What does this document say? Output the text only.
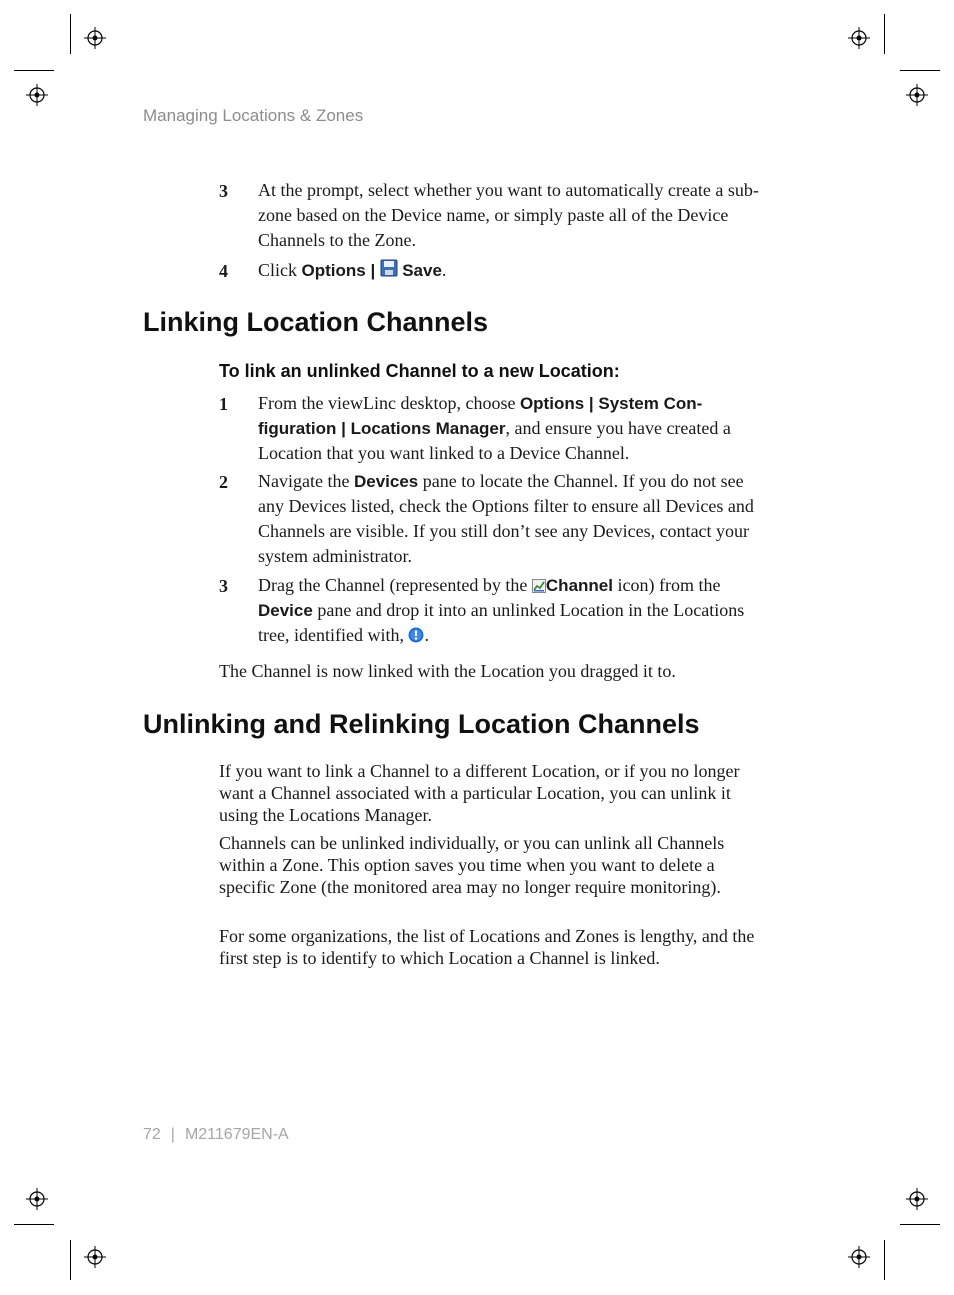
Managing Locations & Zones
3	At the prompt, select whether you want to automatically create a sub-zone based on the Device name, or simply paste all of the Device Channels to the Zone.
4	Click Options | Save.
Linking Location Channels
To link an unlinked Channel to a new Location:
1	From the viewLinc desktop, choose Options | System Con-
figuration | Locations Manager, and ensure you have created a Location that you want linked to a Device Channel.
2	Navigate the Devices pane to locate the Channel. If you do not see any Devices listed, check the Options filter to ensure all Devices and Channels are visible. If you still don’t see any Devices, contact your system administrator.
3	Drag the Channel (represented by the Channel icon) from the Device pane and drop it into an unlinked Location in the Locations tree, identified with, .
The Channel is now linked with the Location you dragged it to.
Unlinking and Relinking Location Channels
If you want to link a Channel to a different Location, or if you no longer want a Channel associated with a particular Location, you can unlink it using the Locations Manager.
Channels can be unlinked individually, or you can unlink all Channels within a Zone. This option saves you time when you want to delete a specific Zone (the monitored area may no longer require monitoring).
For some organizations, the list of Locations and Zones is lengthy, and the first step is to identify to which Location a Channel is linked.
72 | M211679EN-A
